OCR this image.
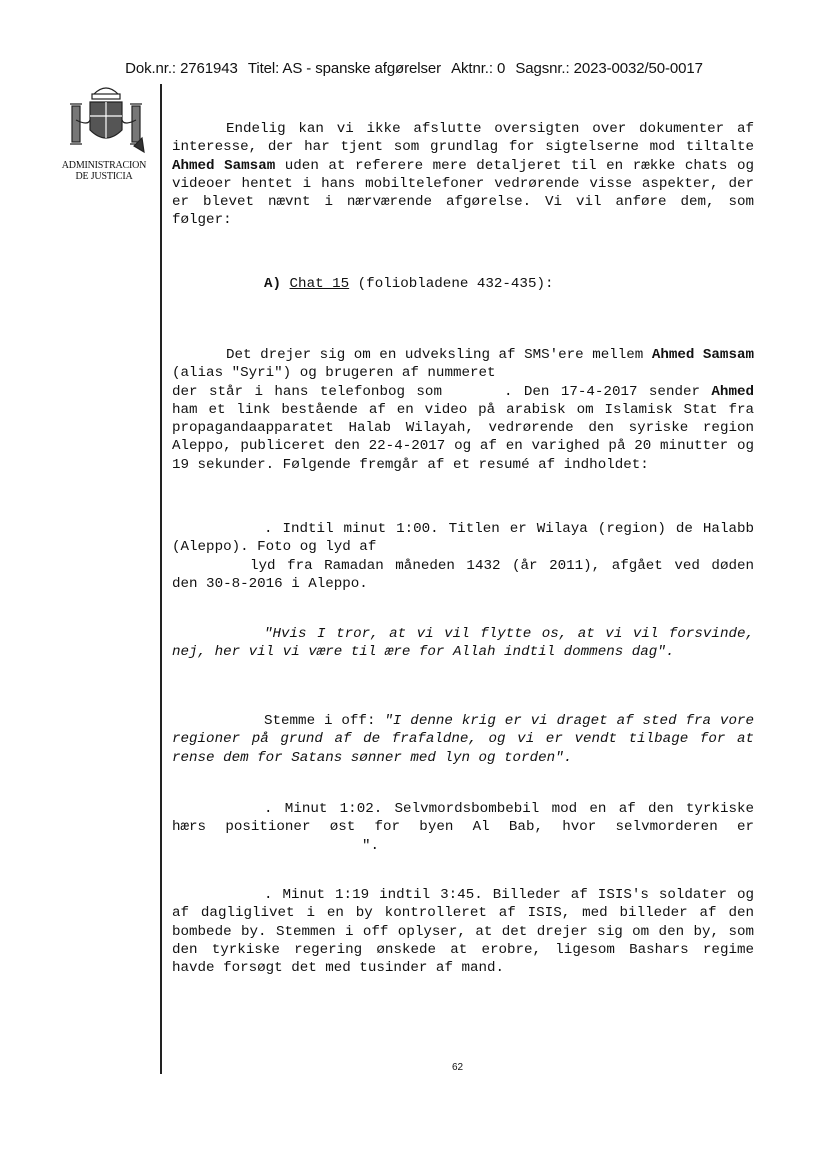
Dok.nr.: 2761943 Titel: AS - spanske afgørelser Aktnr.: 0 Sagsnr.: 2023-0032/50-0017
ADMINISTRACION
DE JUSTICIA

Endelig kan vi ikke afslutte oversigten over dokumenter af interesse, der har tjent som grundlag for sigtelserne mod tiltalte Ahmed Samsam uden at referere mere detaljeret til en række chats og videoer hentet i hans mobiltelefoner vedrørende visse aspekter, der er blevet nævnt i nærværende afgørelse. Vi vil anføre dem, som følger:

A) Chat 15 (foliobladene 432-435):

Det drejer sig om en udveksling af SMS'ere mellem Ahmed Samsam (alias "Syri") og brugeren af nummeret
der står i hans telefonbog som	. Den 17-4-2017 sender Ahmed ham et link bestående af en video på arabisk om Islamisk Stat fra propagandaapparatet Halab Wilayah, vedrørende den syriske region Aleppo, publiceret den 22-4-2017 og af en varighed på 20 minutter og 19 sekunder. Følgende fremgår af et resumé af indholdet:

. Indtil minut 1:00. Titlen er Wilaya (region) de Halabb (Aleppo). Foto og lyd af
lyd fra Ramadan måneden 1432 (år 2011), afgået ved døden den 30-8-2016 i Aleppo.

"Hvis I tror, at vi vil flytte os, at vi vil forsvinde, nej, her vil vi være til ære for Allah indtil dommens dag".

Stemme i off: "I denne krig er vi draget af sted fra vore regioner på grund af de frafaldne, og vi er vendt tilbage for at rense dem for Satans sønner med lyn og torden".

. Minut 1:02. Selvmordsbombebil mod en af den tyrkiske hærs positioner øst for byen Al Bab, hvor selvmorderen er".

. Minut 1:19 indtil 3:45. Billeder af ISIS's soldater og af dagliglivet i en by kontrolleret af ISIS, med billeder af den bombede by. Stemmen i off oplyser, at det drejer sig om den by, som den tyrkiske regering ønskede at erobre, ligesom Bashars regime havde forsøgt det med tusinder af mand.

62
